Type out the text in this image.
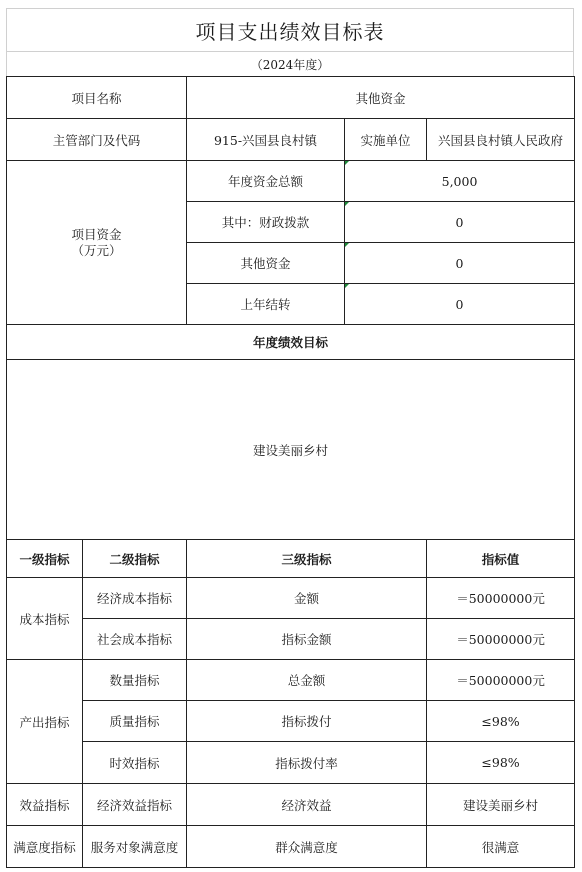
项目支出绩效目标表
（2024年度）
项目名称		其他资金		
主管部门及代码		915-兴国县良村镇	实施单位	兴国县良村镇人民政府

项目资金
（万元）		年度资金总额	5,000	
		其中：财政拨款	0	
		其他资金	0	
		上年结转	0	
年度绩效目标				
建设美丽乡村				
一级指标	二级指标	三级指标		指标值
成本指标	经济成本指标	金额		＝50000000元
	社会成本指标	指标金额		＝50000000元
产出指标	数量指标	总金额		＝50000000元
	质量指标	指标拨付		≤98%
	时效指标	指标拨付率		≤98%
效益指标	经济效益指标	经济效益		建设美丽乡村
满意度指标	服务对象满意度	群众满意度		很满意
